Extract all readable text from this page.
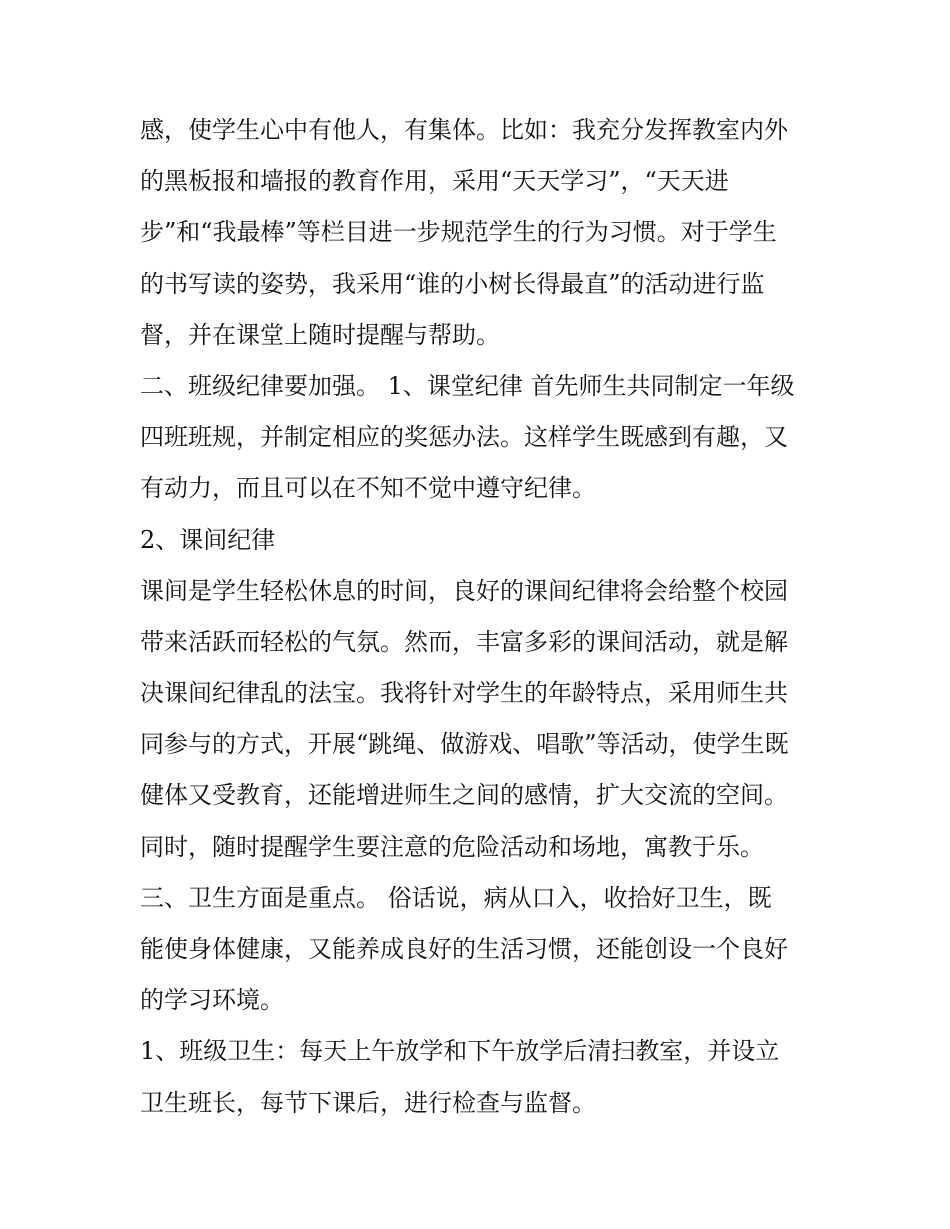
感，使学生心中有他人，有集体。比如：我充分发挥教室内外
的黑板报和墙报的教育作用，采用“天天学习”，“天天进
步”和“我最棒”等栏目进一步规范学生的行为习惯。对于学生
的书写读的姿势，我采用“谁的小树长得最直”的活动进行监
督，并在课堂上随时提醒与帮助。
二、班级纪律要加强。 1、课堂纪律 首先师生共同制定一年级
四班班规，并制定相应的奖惩办法。这样学生既感到有趣，又
有动力，而且可以在不知不觉中遵守纪律。
2、课间纪律
课间是学生轻松休息的时间，良好的课间纪律将会给整个校园
带来活跃而轻松的气氛。然而，丰富多彩的课间活动，就是解
决课间纪律乱的法宝。我将针对学生的年龄特点，采用师生共
同参与的方式，开展“跳绳、做游戏、唱歌”等活动，使学生既
健体又受教育，还能增进师生之间的感情，扩大交流的空间。
同时，随时提醒学生要注意的危险活动和场地，寓教于乐。
三、卫生方面是重点。 俗话说，病从口入，收拾好卫生，既
能使身体健康，又能养成良好的生活习惯，还能创设一个良好
的学习环境。
1、班级卫生：每天上午放学和下午放学后清扫教室，并设立
卫生班长，每节下课后，进行检查与监督。
